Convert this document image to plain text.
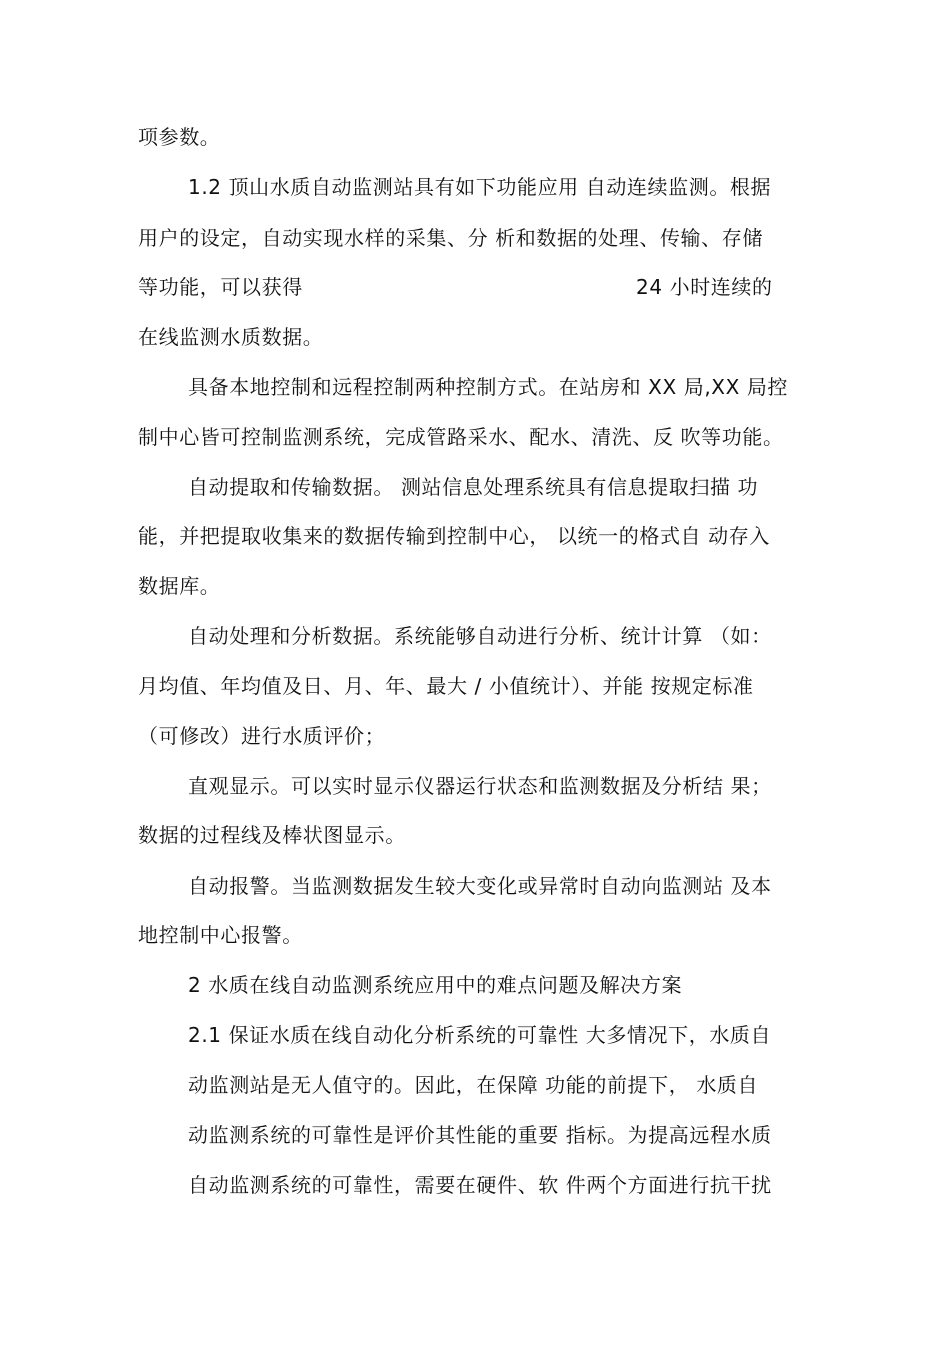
项参数。
1.2 顶山水质自动监测站具有如下功能应用 自动连续监测。根据
用户的设定，自动实现水样的采集、分 析和数据的处理、传输、存储
等功能，可以获得	24 小时连续的
在线监测水质数据。
具备本地控制和远程控制两种控制方式。在站房和 XX 局,XX 局控
制中心皆可控制监测系统，完成管路采水、配水、清洗、反 吹等功能。
自动提取和传输数据。 测站信息处理系统具有信息提取扫描 功
能，并把提取收集来的数据传输到控制中心， 以统一的格式自 动存入
数据库。
自动处理和分析数据。系统能够自动进行分析、统计计算 （如：
月均值、年均值及日、月、年、最大 / 小值统计）、并能 按规定标准
（可修改）进行水质评价；
直观显示。可以实时显示仪器运行状态和监测数据及分析结 果；
数据的过程线及棒状图显示。
自动报警。当监测数据发生较大变化或异常时自动向监测站 及本
地控制中心报警。
2 水质在线自动监测系统应用中的难点问题及解决方案
2.1 保证水质在线自动化分析系统的可靠性 大多情况下，水质自
动监测站是无人值守的。因此，在保障 功能的前提下， 水质自
动监测系统的可靠性是评价其性能的重要 指标。为提高远程水质
自动监测系统的可靠性，需要在硬件、软 件两个方面进行抗干扰
